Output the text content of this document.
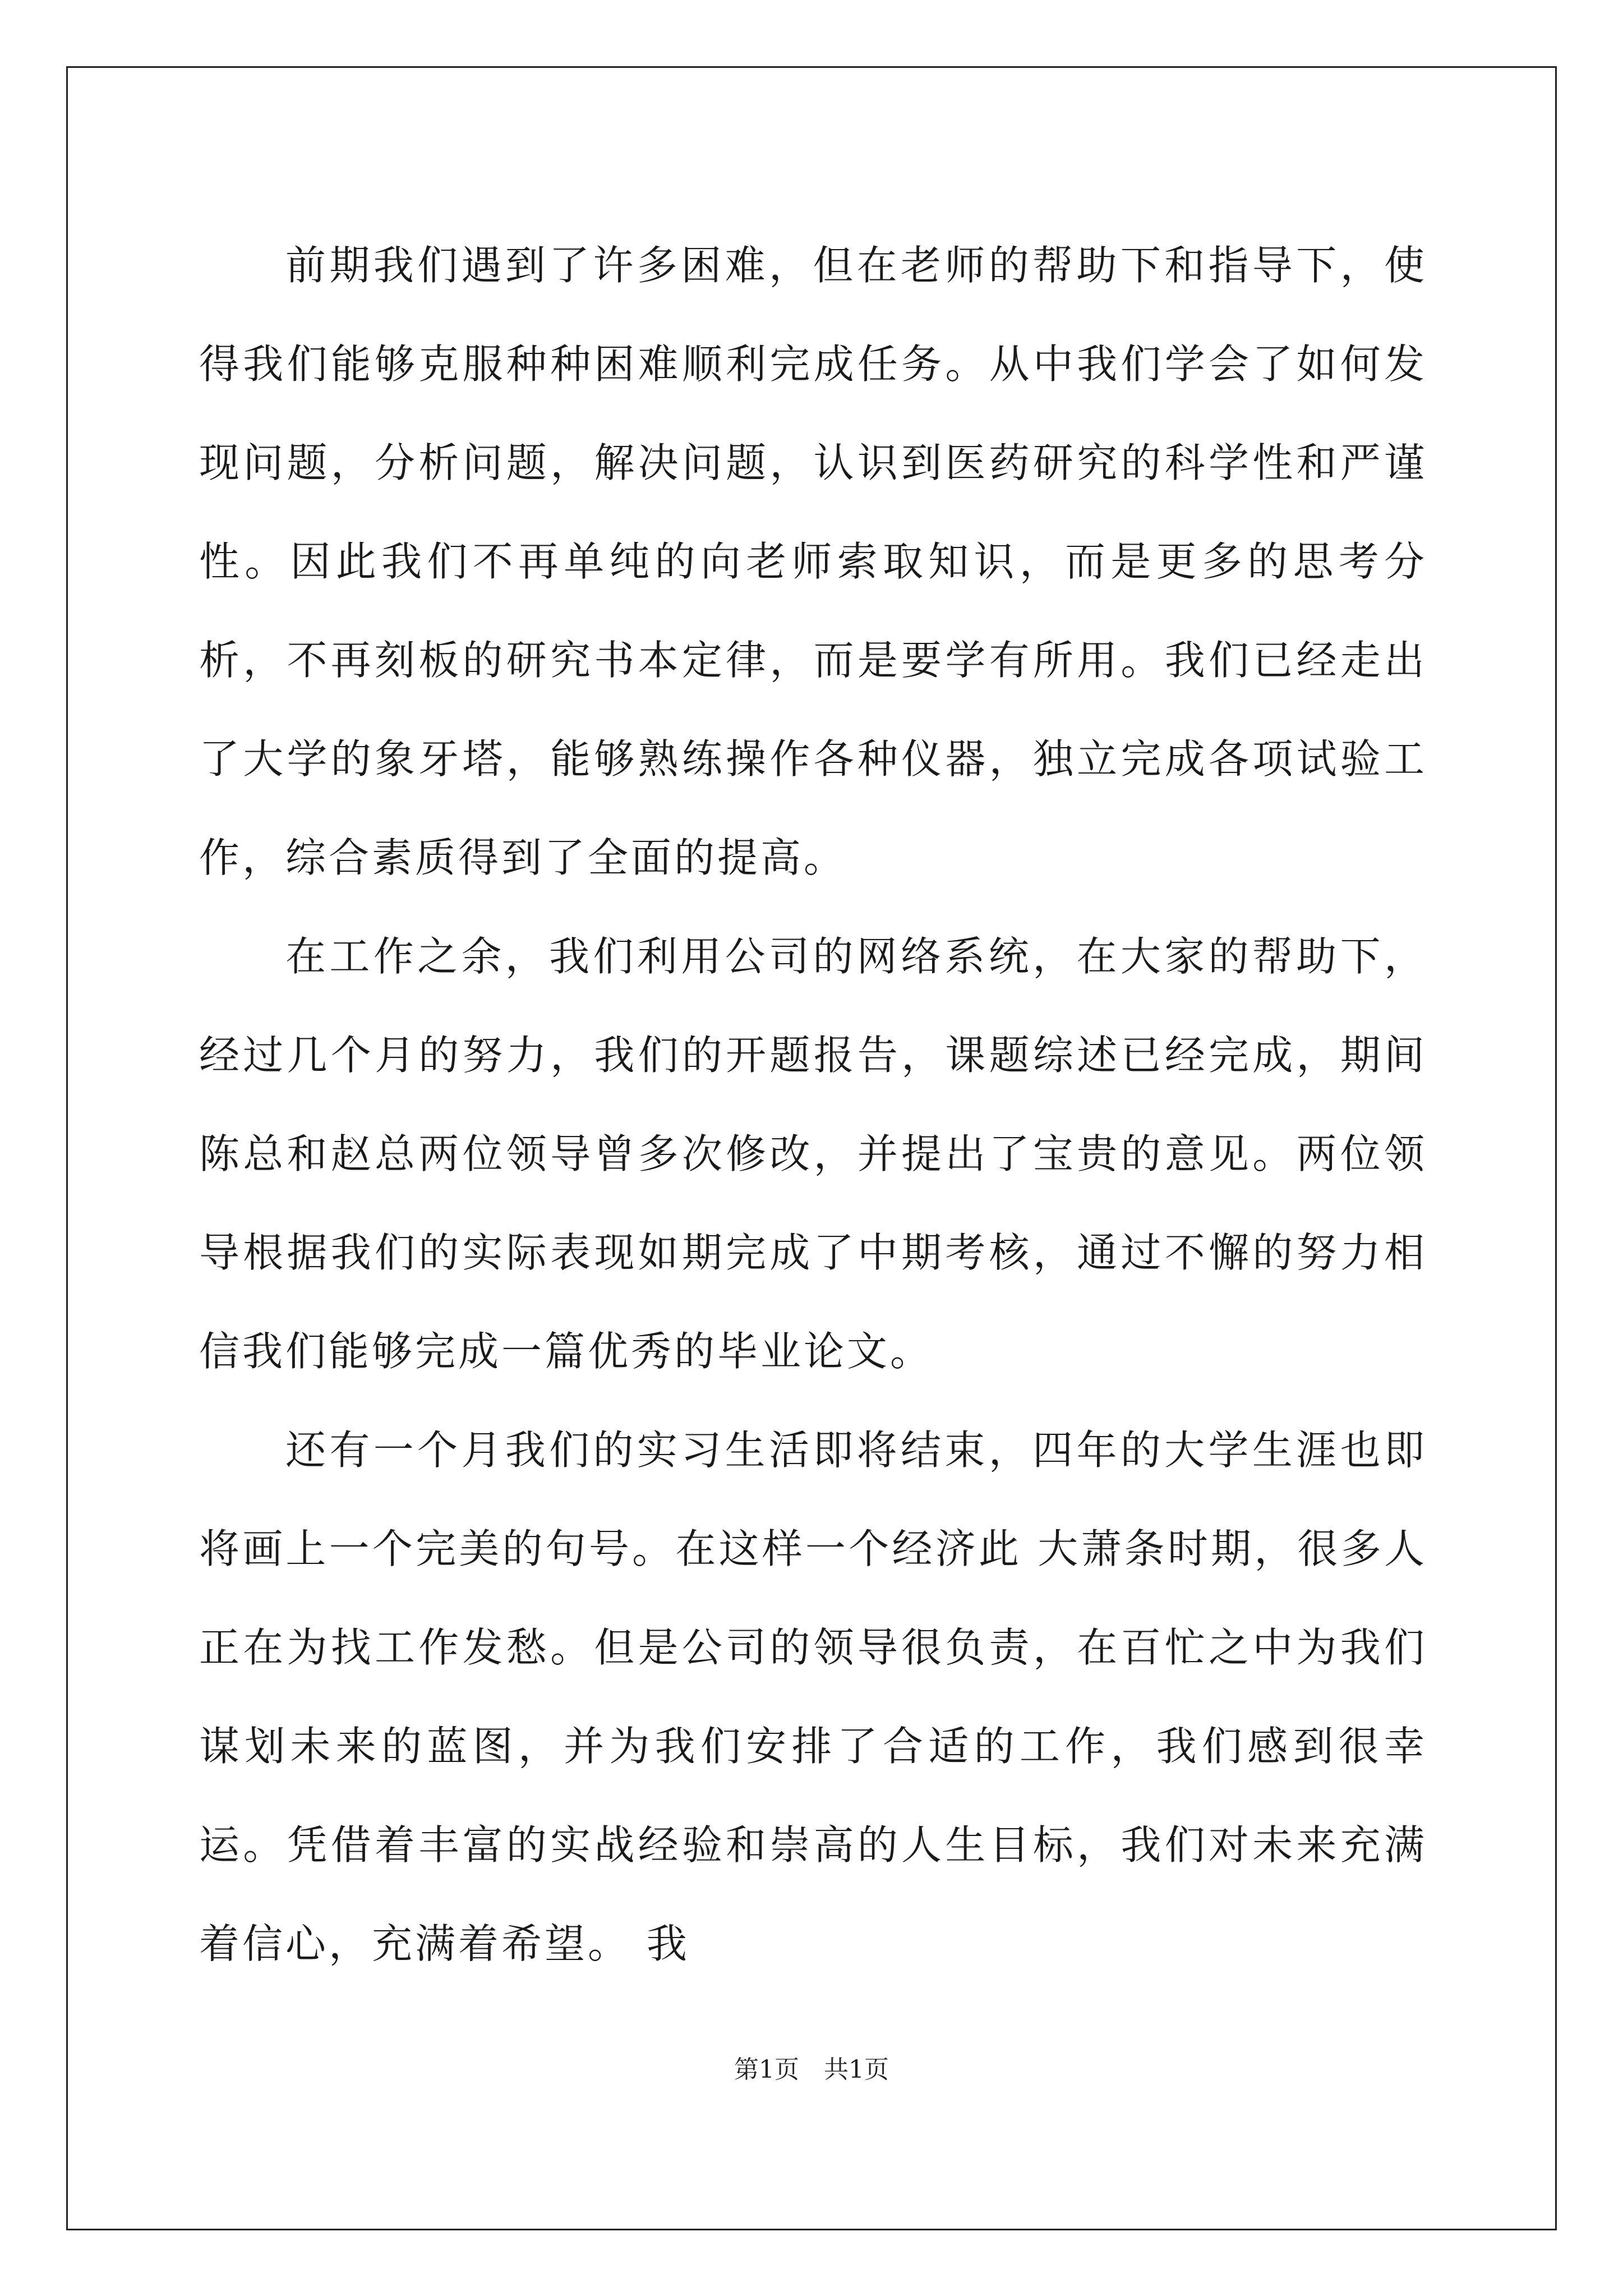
前期我们遇到了许多困难，但在老师的帮助下和指导下，使得我们能够克服种种困难顺利完成任务。从中我们学会了如何发现问题，分析问题，解决问题，认识到医药研究的科学性和严谨性。因此我们不再单纯的向老师索取知识，而是更多的思考分析，不再刻板的研究书本定律，而是要学有所用。我们已经走出了大学的象牙塔，能够熟练操作各种仪器，独立完成各项试验工作，综合素质得到了全面的提高。

在工作之余，我们利用公司的网络系统，在大家的帮助下，经过几个月的努力，我们的开题报告，课题综述已经完成，期间陈总和赵总两位领导曾多次修改，并提出了宝贵的意见。两位领导根据我们的实际表现如期完成了中期考核，通过不懈的努力相信我们能够完成一篇优秀的毕业论文。

还有一个月我们的实习生活即将结束，四年的大学生涯也即将画上一个完美的句号。在这样一个经济此 大萧条时期，很多人正在为找工作发愁。但是公司的领导很负责，在百忙之中为我们谋划未来的蓝图，并为我们安排了合适的工作，我们感到很幸运。凭借着丰富的实战经验和崇高的人生目标，我们对未来充满着信心，充满着希望。 我

第1页 共1页
